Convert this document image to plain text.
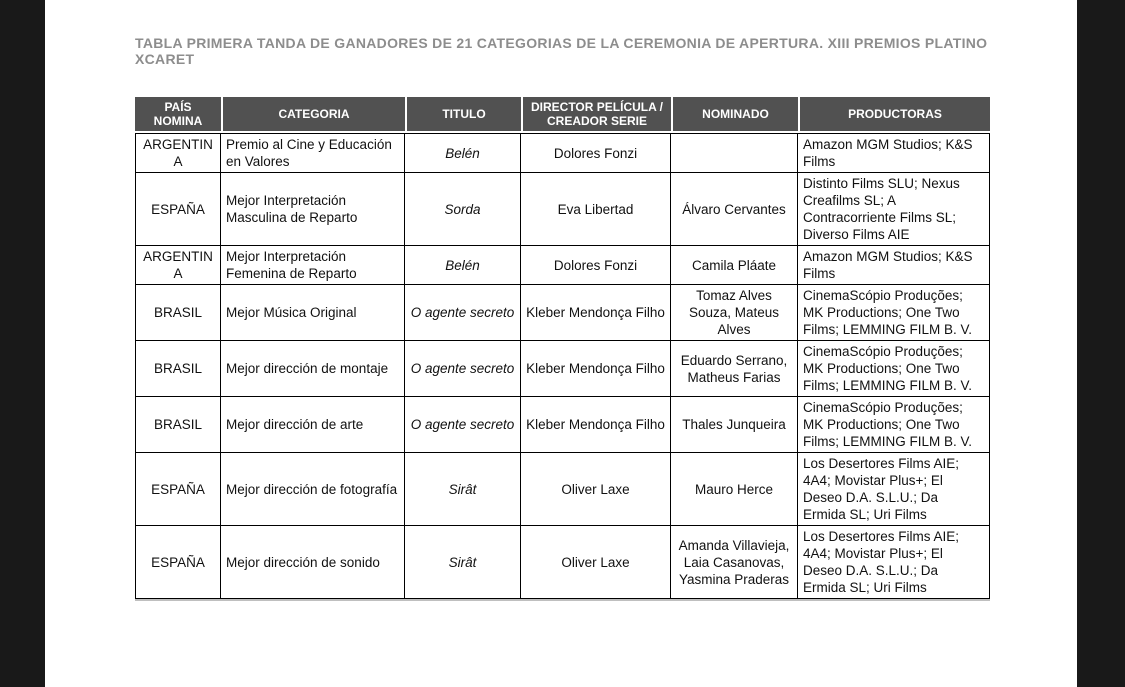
TABLA PRIMERA TANDA DE GANADORES DE 21 CATEGORIAS DE LA CEREMONIA DE APERTURA. XIII PREMIOS PLATINO XCARET
PAÍS NOMINA	CATEGORIA	TITULO	DIRECTOR PELÍCULA / CREADOR SERIE	NOMINADO	PRODUCTORAS
ARGENTINA	Premio al Cine y Educación en Valores	Belén	Dolores Fonzi		Amazon MGM Studios; K&S Films
ESPAÑA	Mejor Interpretación Masculina de Reparto	Sorda	Eva Libertad	Álvaro Cervantes	Distinto Films SLU; Nexus Creafilms SL; A Contracorriente Films SL; Diverso Films AIE
ARGENTINA	Mejor Interpretación Femenina de Reparto	Belén	Dolores Fonzi	Camila Pláate	Amazon MGM Studios; K&S Films
BRASIL	Mejor Música Original	O agente secreto	Kleber Mendonça Filho	Tomaz Alves Souza, Mateus Alves	CinemaScópio Produções; MK Productions; One Two Films; LEMMING FILM B. V.
BRASIL	Mejor dirección de montaje	O agente secreto	Kleber Mendonça Filho	Eduardo Serrano, Matheus Farias	CinemaScópio Produções; MK Productions; One Two Films; LEMMING FILM B. V.
BRASIL	Mejor dirección de arte	O agente secreto	Kleber Mendonça Filho	Thales Junqueira	CinemaScópio Produções; MK Productions; One Two Films; LEMMING FILM B. V.
ESPAÑA	Mejor dirección de fotografía	Sirât	Oliver Laxe	Mauro Herce	Los Desertores Films AIE; 4A4; Movistar Plus+; El Deseo D.A. S.L.U.; Da Ermida SL; Uri Films
ESPAÑA	Mejor dirección de sonido	Sirât	Oliver Laxe	Amanda Villavieja, Laia Casanovas, Yasmina Praderas	Los Desertores Films AIE; 4A4; Movistar Plus+; El Deseo D.A. S.L.U.; Da Ermida SL; Uri Films
